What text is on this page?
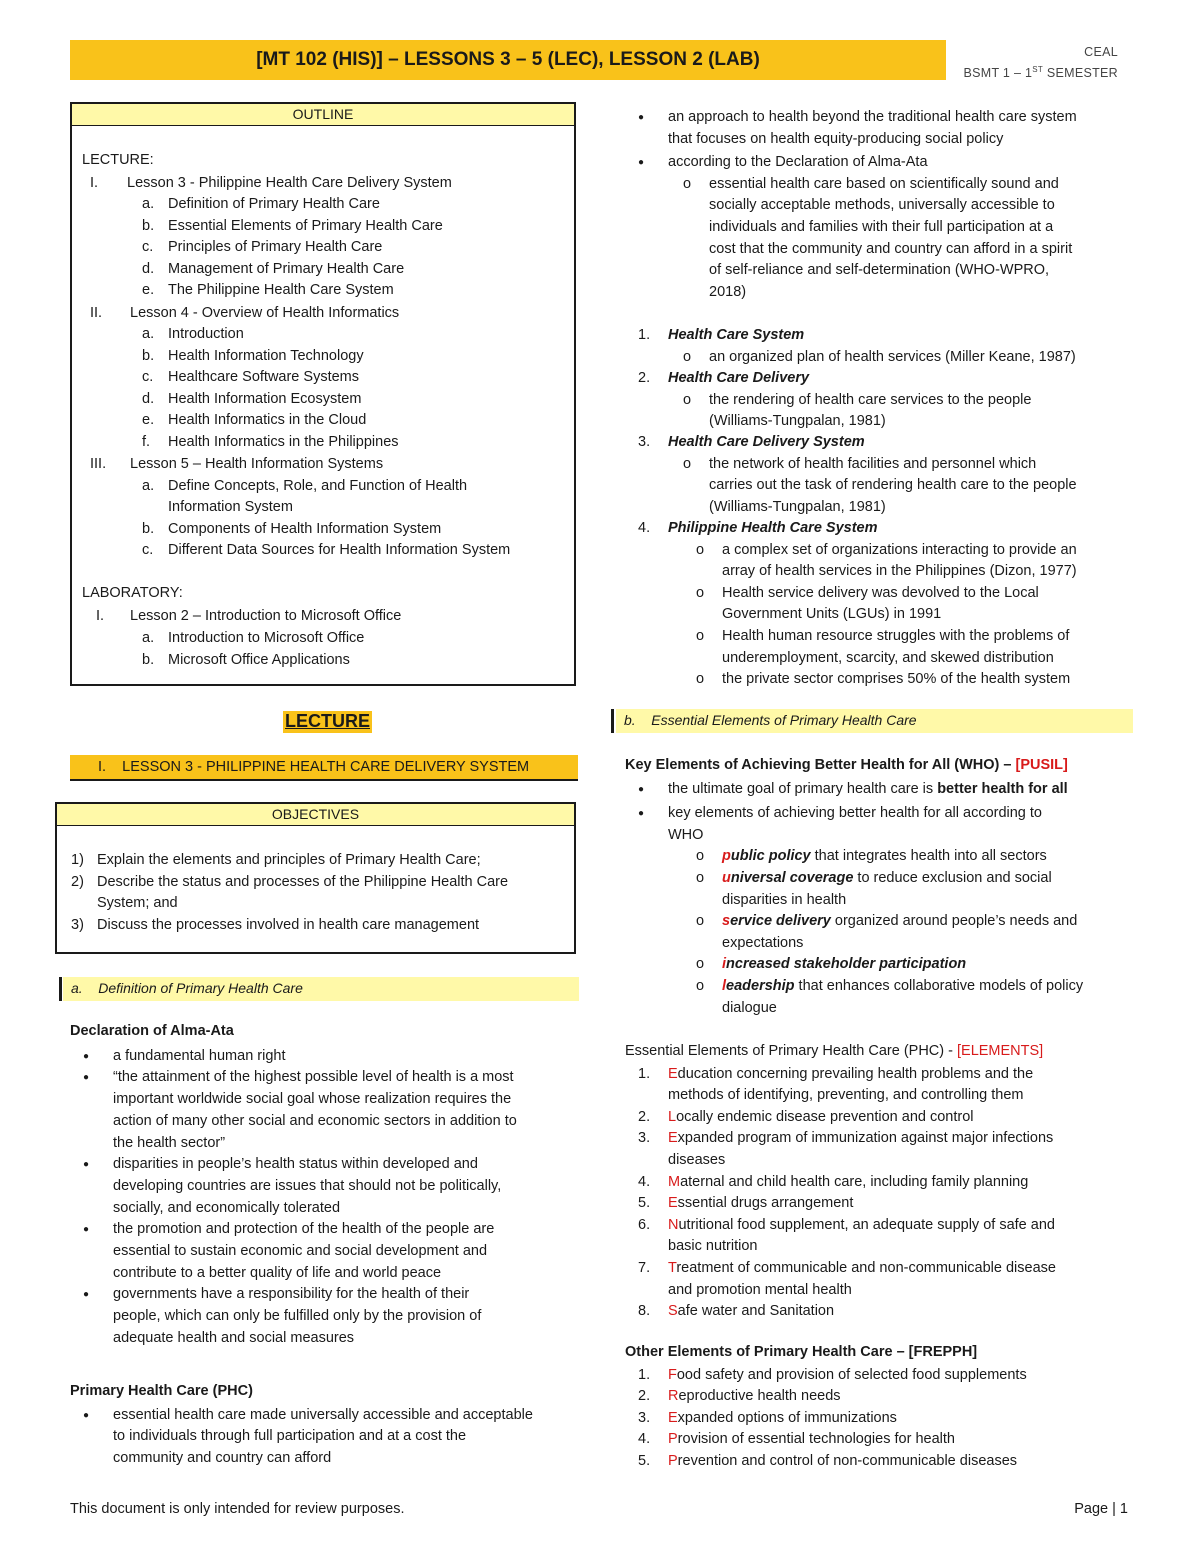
[MT 102 (HIS)] – LESSONS 3 – 5 (LEC), LESSON 2 (LAB)	CEAL
BSMT 1 – 1ST SEMESTER
OUTLINE
LECTURE:
I. Lesson 3 - Philippine Health Care Delivery System
a. Definition of Primary Health Care
b. Essential Elements of Primary Health Care
c. Principles of Primary Health Care
d. Management of Primary Health Care
e. The Philippine Health Care System
II. Lesson 4 - Overview of Health Informatics
a. Introduction
b. Health Information Technology
c. Healthcare Software Systems
d. Health Information Ecosystem
e. Health Informatics in the Cloud
f. Health Informatics in the Philippines
III. Lesson 5 – Health Information Systems
a. Define Concepts, Role, and Function of Health
Information System
b. Components of Health Information System
c. Different Data Sources for Health Information System
LABORATORY:
I. Lesson 2 – Introduction to Microsoft Office
a. Introduction to Microsoft Office
b. Microsoft Office Applications
LECTURE
I.    LESSON 3 - PHILIPPINE HEALTH CARE DELIVERY SYSTEM
OBJECTIVES
1) Explain the elements and principles of Primary Health Care;
2) Describe the status and processes of the Philippine Health Care
System; and
3) Discuss the processes involved in health care management
a.    Definition of Primary Health Care
Declaration of Alma-Ata
● a fundamental human right
● “the attainment of the highest possible level of health is a most
important worldwide social goal whose realization requires the
action of many other social and economic sectors in addition to
the health sector”
● disparities in people’s health status within developed and
developing countries are issues that should not be politically,
socially, and economically tolerated
● the promotion and protection of the health of the people are
essential to sustain economic and social development and
contribute to a better quality of life and world peace
● governments have a responsibility for the health of their
people, which can only be fulfilled only by the provision of
adequate health and social measures
Primary Health Care (PHC)
● essential health care made universally accessible and acceptable
to individuals through full participation and at a cost the
community and country can afford
● an approach to health beyond the traditional health care system
that focuses on health equity-producing social policy
● according to the Declaration of Alma-Ata
o essential health care based on scientifically sound and
socially acceptable methods, universally accessible to
individuals and families with their full participation at a
cost that the community and country can afford in a spirit
of self-reliance and self-determination (WHO-WPRO,
2018)
1. Health Care System
o an organized plan of health services (Miller Keane, 1987)
2. Health Care Delivery
o the rendering of health care services to the people
(Williams-Tungpalan, 1981)
3. Health Care Delivery System
o the network of health facilities and personnel which
carries out the task of rendering health care to the people
(Williams-Tungpalan, 1981)
4. Philippine Health Care System
o a complex set of organizations interacting to provide an
array of health services in the Philippines (Dizon, 1977)
o Health service delivery was devolved to the Local
Government Units (LGUs) in 1991
o Health human resource struggles with the problems of
underemployment, scarcity, and skewed distribution
o the private sector comprises 50% of the health system
Key Elements of Achieving Better Health for All (WHO) – [PUSIL]
● the ultimate goal of primary health care is better health for all
● key elements of achieving better health for all according to
WHO
o public policy that integrates health into all sectors
o universal coverage to reduce exclusion and social
disparities in health
o service delivery organized around people’s needs and
expectations
o increased stakeholder participation
o leadership that enhances collaborative models of policy
dialogue
Essential Elements of Primary Health Care (PHC) - [ELEMENTS]
1. Education concerning prevailing health problems and the
methods of identifying, preventing, and controlling them
2. Locally endemic disease prevention and control
3. Expanded program of immunization against major infections
diseases
4. Maternal and child health care, including family planning
5. Essential drugs arrangement
6. Nutritional food supplement, an adequate supply of safe and
basic nutrition
7. Treatment of communicable and non-communicable disease
and promotion mental health
8. Safe water and Sanitation
Other Elements of Primary Health Care – [FREPPH]
1. Food safety and provision of selected food supplements
2. Reproductive health needs
3. Expanded options of immunizations
4. Provision of essential technologies for health
5. Prevention and control of non-communicable diseases
b.    Essential Elements of Primary Health Care
This document is only intended for review purposes.	Page | 1
